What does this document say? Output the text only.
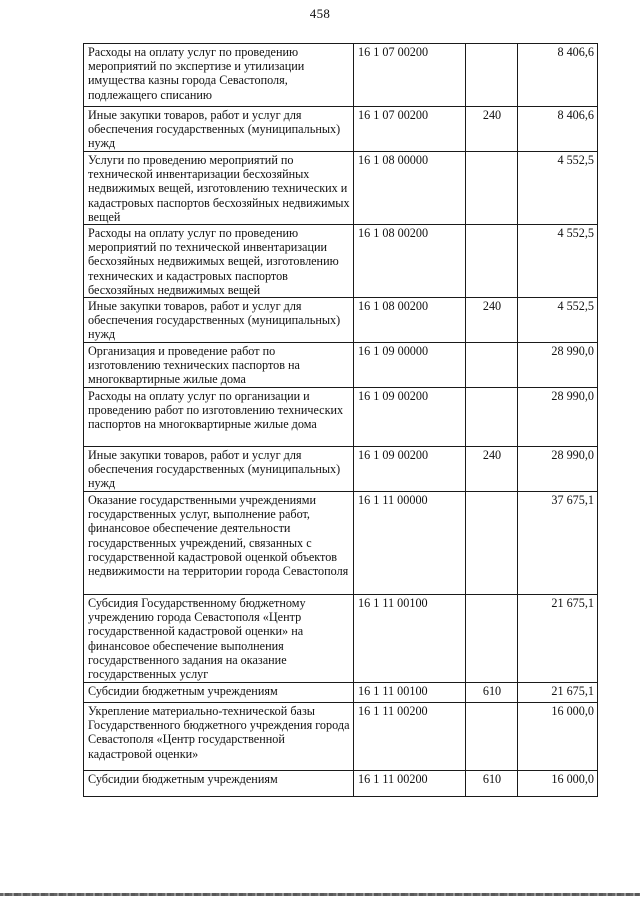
458
Расходы на оплату услуг по проведению мероприятий по экспертизе и утилизации имущества казны города Севастополя, подлежащего списанию	16 1 07 00200		8 406,6
Иные закупки товаров, работ и услуг для обеспечения государственных (муниципальных) нужд	16 1 07 00200	240	8 406,6
Услуги по проведению мероприятий по технической инвентаризации бесхозяйных недвижимых вещей, изготовлению технических и кадастровых паспортов бесхозяйных недвижимых вещей	16 1 08 00000		4 552,5
Расходы на оплату услуг по проведению мероприятий по технической инвентаризации бесхозяйных недвижимых вещей, изготовлению технических и кадастровых паспортов бесхозяйных недвижимых вещей	16 1 08 00200		4 552,5
Иные закупки товаров, работ и услуг для обеспечения государственных (муниципальных) нужд	16 1 08 00200	240	4 552,5
Организация и проведение работ по изготовлению технических паспортов на многоквартирные жилые дома	16 1 09 00000		28 990,0
Расходы на оплату услуг по организации и проведению работ по изготовлению технических паспортов на многоквартирные жилые дома	16 1 09 00200		28 990,0
Иные закупки товаров, работ и услуг для обеспечения государственных (муниципальных) нужд	16 1 09 00200	240	28 990,0
Оказание государственными учреждениями государственных услуг, выполнение работ, финансовое обеспечение деятельности государственных учреждений, связанных с государственной кадастровой оценкой объектов недвижимости на территории города Севастополя	16 1 11 00000		37 675,1
Субсидия Государственному бюджетному учреждению города Севастополя «Центр государственной кадастровой оценки» на финансовое обеспечение выполнения государственного задания на оказание государственных услуг	16 1 11 00100		21 675,1
Субсидии бюджетным учреждениям	16 1 11 00100	610	21 675,1
Укрепление материально-технической базы Государственного бюджетного учреждения города Севастополя «Центр государственной кадастровой оценки»	16 1 11 00200		16 000,0
Субсидии бюджетным учреждениям	16 1 11 00200	610	16 000,0
